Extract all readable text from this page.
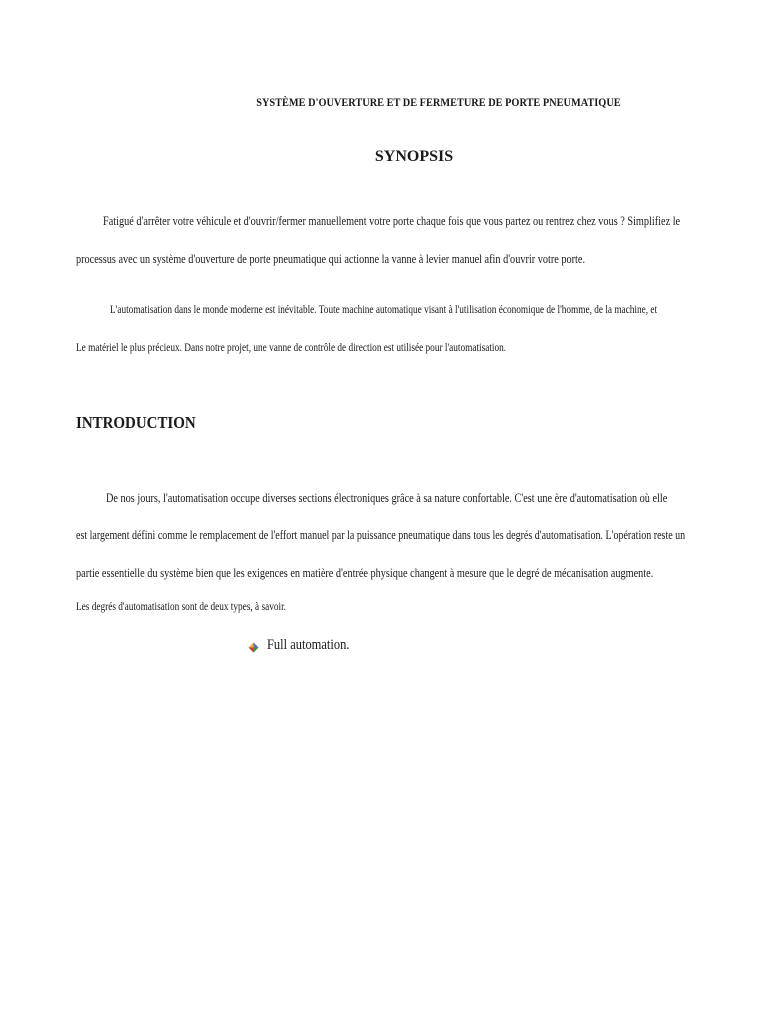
SYSTÈME D'OUVERTURE ET DE FERMETURE DE PORTE PNEUMATIQUE
SYNOPSIS
Fatigué d'arrêter votre véhicule et d'ouvrir/fermer manuellement votre porte chaque fois que vous partez ou rentrez chez vous ? Simplifiez le
processus avec un système d'ouverture de porte pneumatique qui actionne la vanne à levier manuel afin d'ouvrir votre porte.
L'automatisation dans le monde moderne est inévitable. Toute machine automatique visant à l'utilisation économique de l'homme, de la machine, et
Le matériel le plus précieux. Dans notre projet, une vanne de contrôle de direction est utilisée pour l'automatisation.
INTRODUCTION
De nos jours, l'automatisation occupe diverses sections électroniques grâce à sa nature confortable. C'est une ère d'automatisation où elle
est largement défini comme le remplacement de l'effort manuel par la puissance pneumatique dans tous les degrés d'automatisation. L'opération reste un
partie essentielle du système bien que les exigences en matière d'entrée physique changent à mesure que le degré de mécanisation augmente.
Les degrés d'automatisation sont de deux types, à savoir.
Full automation.
